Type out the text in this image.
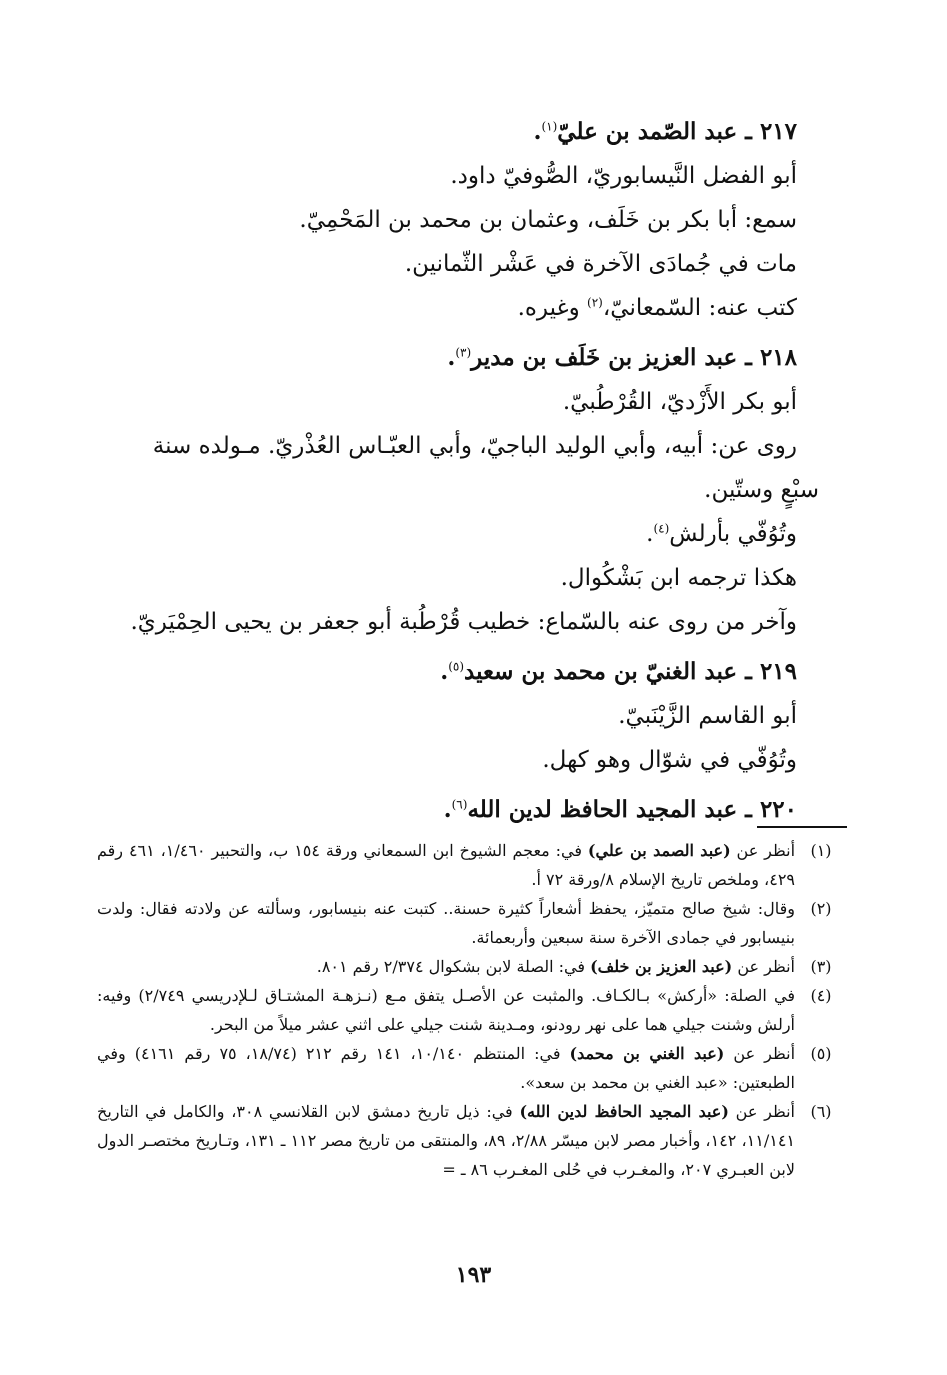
٢١٧ ـ عبد الصّمد بن عليّ$^{(١)}$.
أبو الفضل النَّيسابوريّ، الصُّوفيّ داود.
سمع: أبا بكر بن خَلَف، وعثمان بن محمد بن المَحْمِيّ.
مات في جُمادَى الآخرة في عَشْر الثّمانين.
كتب عنه: السّمعانيّ،$^{(٢)}$ وغيره.
٢١٨ ـ عبد العزيز بن خَلَف بن مدير$^{(٣)}$.
أبو بكر الأَزْديّ، القُرْطُبيّ.
روى عن: أبيه، وأبي الوليد الباجيّ، وأبي العبّـاس العُذْريّ. مـولده سنة
سبْعٍ وستّين.
وتُوُفّي بأرلش$^{(٤)}$.
هكذا ترجمه ابن بَشْكُوال.
وآخر من روى عنه بالسّماع: خطيب قُرْطُبة أبو جعفر بن يحيى الحِمْيَريّ.
٢١٩ ـ عبد الغنيّ بن محمد بن سعيد$^{(٥)}$.
أبو القاسم الزَّيْنَبيّ.
وتُوُفّي في شوّال وهو كهل.
٢٢٠ ـ عبد المجيد الحافظ لدين الله$^{(٦)}$.
(١)
أنظر عن (عبد الصمد بن علي) في: معجم الشيوخ ابن السمعاني ورقة ١٥٤ ب، والتحبير ١/٤٦٠، ٤٦١ رقم ٤٢٩، وملخص تاريخ الإسلام ٨/ورقة ٧٢ أ.
(٢)
وقال: شيخ صالح متميّز، يحفظ أشعاراً كثيرة حسنة.. كتبت عنه بنيسابور، وسألته عن ولادته فقال: ولدت بنيسابور في جمادى الآخرة سنة سبعين وأربعمائة.
(٣)
أنظر عن (عبد العزيز بن خلف) في: الصلة لابن بشكوال ٢/٣٧٤ رقم ٨٠١.
(٤)
في الصلة: «أركش» بـالكـاف. والمثبت عن الأصـل يتفق مـع (نـزهـة المشتـاق لـلإدريسي ٢/٧٤٩) وفيه: أرلش وشنت جيلي هما على نهر رودنو، ومـدينة شنت جيلي على اثني عشر ميلاً من البحر.
(٥)
أنظر عن (عبد الغني بن محمد) في: المنتظم ١٠/١٤٠، ١٤١ رقم ٢١٢ (١٨/٧٤، ٧٥ رقم ٤١٦١) وفي الطبعتين: «عبد الغني بن محمد بن سعد».
(٦)
أنظر عن (عبد المجيد الحافظ لدين الله) في: ذيل تاريخ دمشق لابن القلانسي ٣٠٨، والكامل في التاريخ ١١/١٤١، ١٤٢، وأخبار مصر لابن ميسّر ٢/٨٨، ٨٩، والمنتقى من تاريخ مصر ١١٢ ـ ١٣١، وتـاريخ مختصـر الدول لابن العبـري ٢٠٧، والمغـرب في حُلى المغـرب ٨٦ ـ =
١٩٣
